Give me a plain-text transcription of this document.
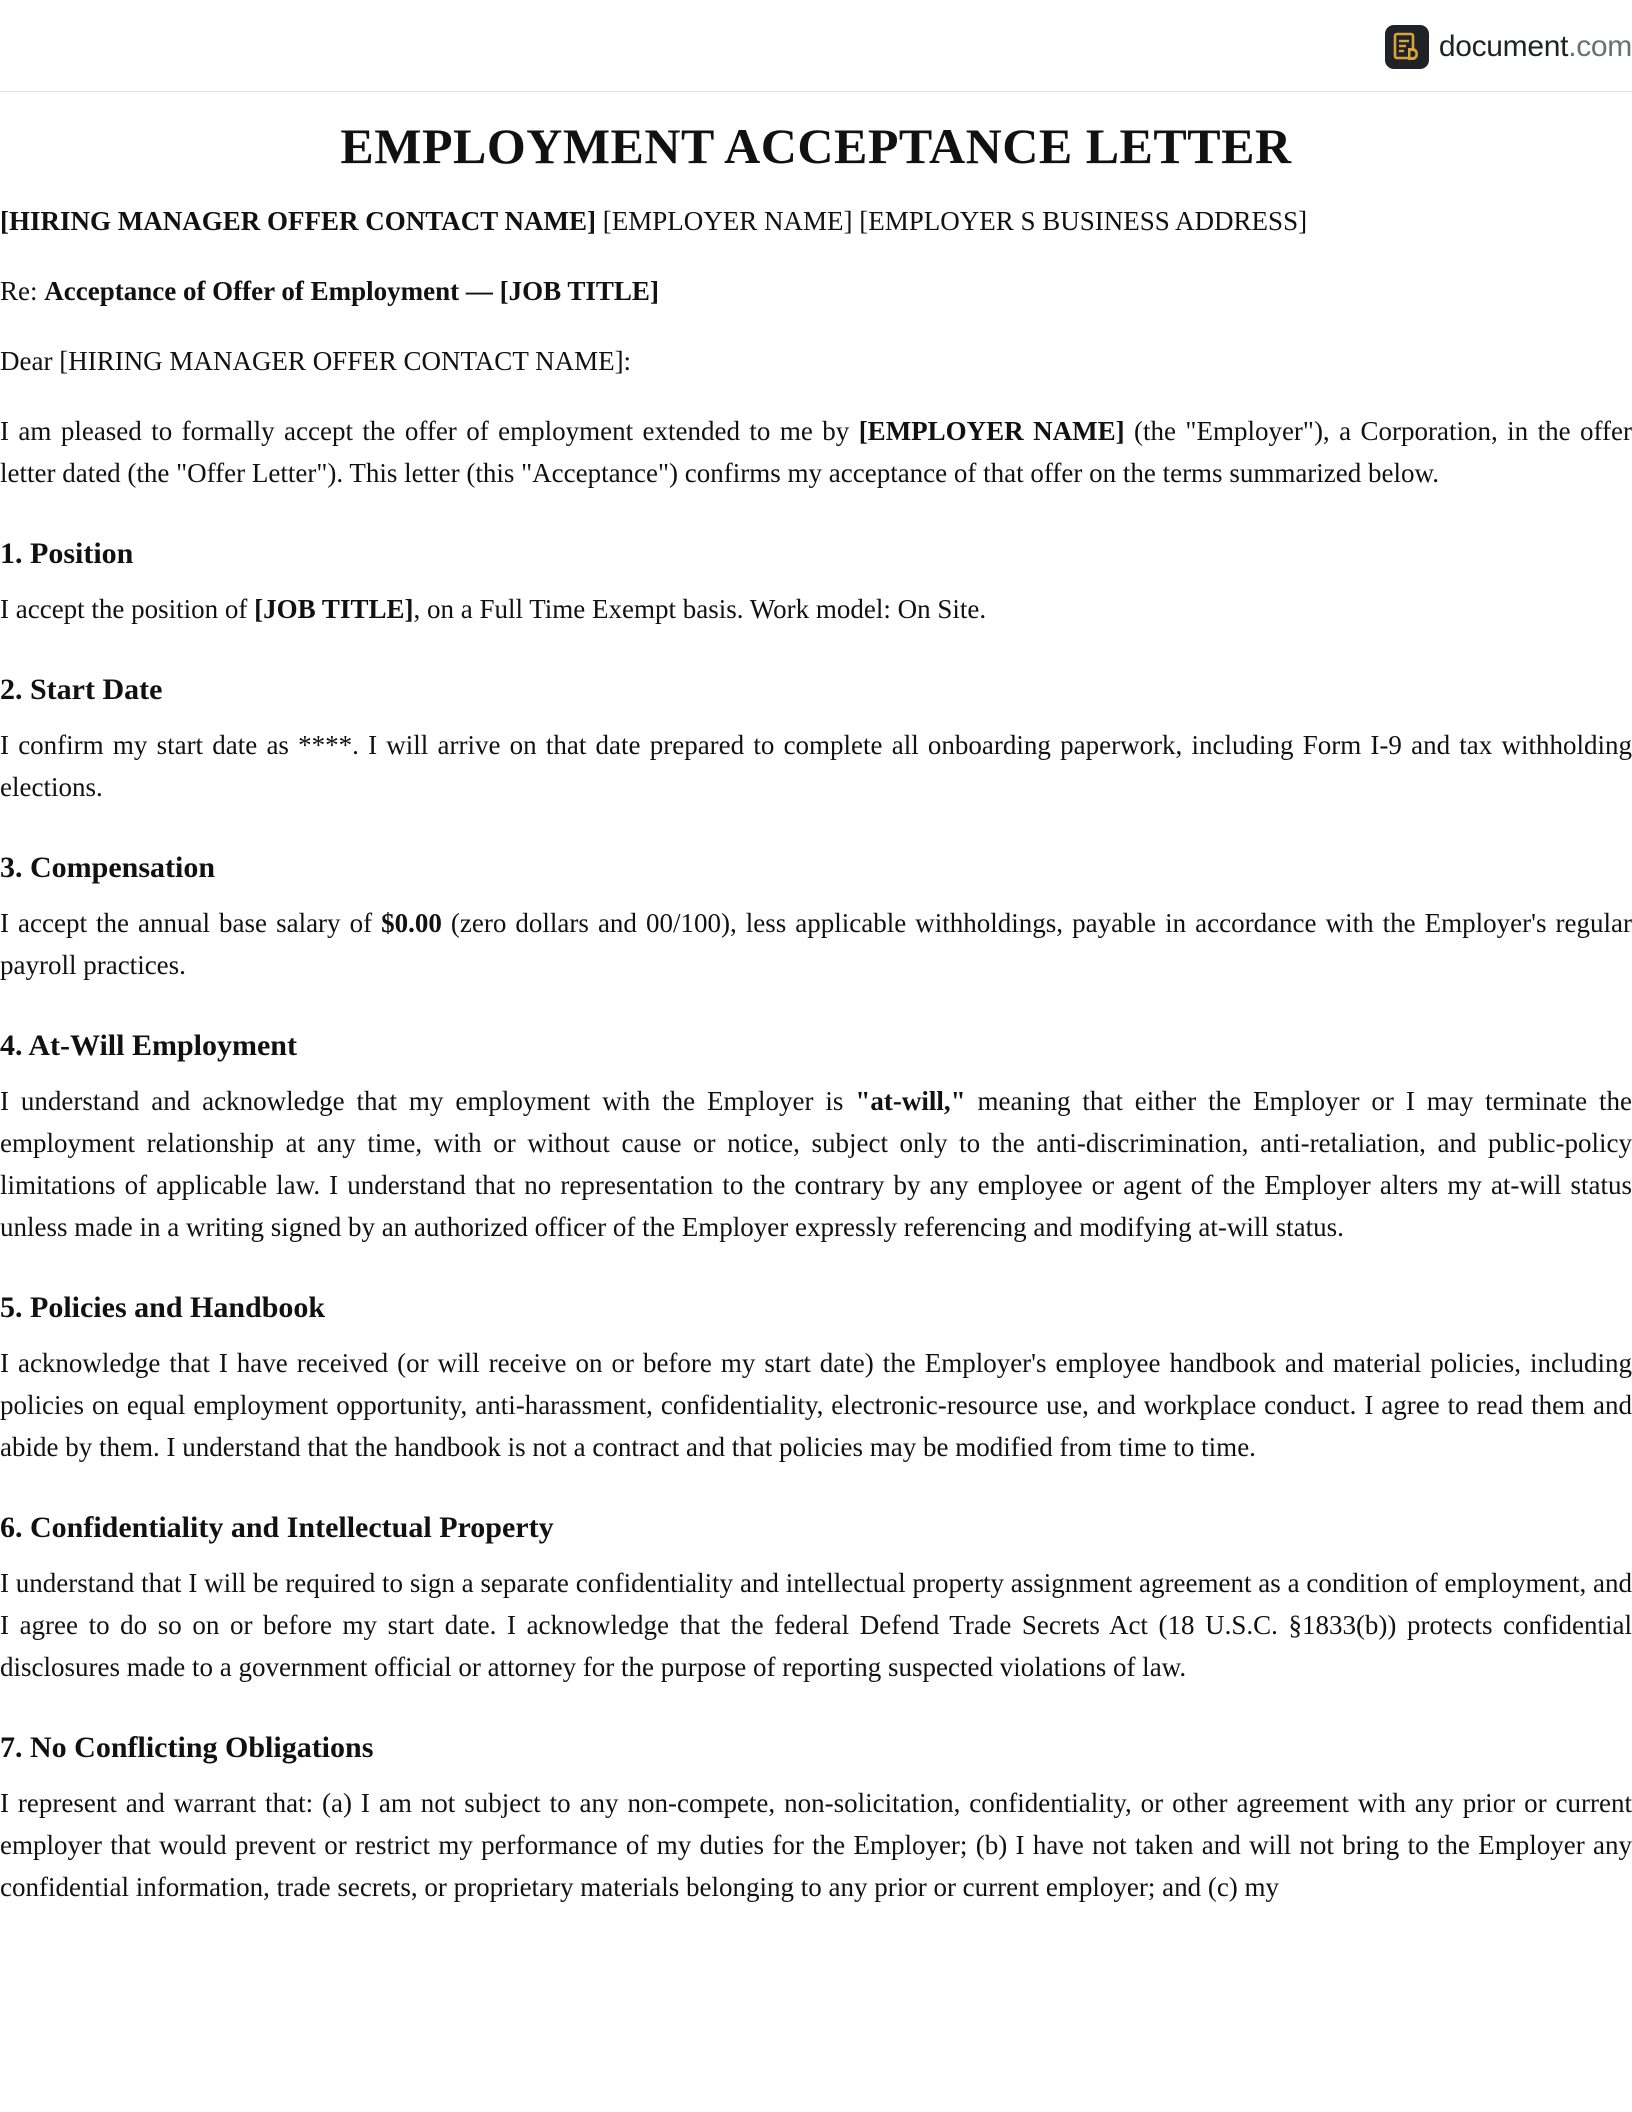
document.com
EMPLOYMENT ACCEPTANCE LETTER

[HIRING MANAGER OFFER CONTACT NAME] [EMPLOYER NAME] [EMPLOYER S BUSINESS ADDRESS]

Re: Acceptance of Offer of Employment — [JOB TITLE]

Dear [HIRING MANAGER OFFER CONTACT NAME]:

I am pleased to formally accept the offer of employment extended to me by [EMPLOYER NAME] (the "Employer"), a Corporation, in the offer letter dated (the "Offer Letter"). This letter (this "Acceptance") confirms my acceptance of that offer on the terms summarized below.

1. Position

I accept the position of [JOB TITLE], on a Full Time Exempt basis. Work model: On Site.

2. Start Date

I confirm my start date as ****. I will arrive on that date prepared to complete all onboarding paperwork, including Form I-9 and tax withholding elections.

3. Compensation

I accept the annual base salary of $0.00 (zero dollars and 00/100), less applicable withholdings, payable in accordance with the Employer's regular payroll practices.

4. At-Will Employment

I understand and acknowledge that my employment with the Employer is "at-will," meaning that either the Employer or I may terminate the employment relationship at any time, with or without cause or notice, subject only to the anti-discrimination, anti-retaliation, and public-policy limitations of applicable law. I understand that no representation to the contrary by any employee or agent of the Employer alters my at-will status unless made in a writing signed by an authorized officer of the Employer expressly referencing and modifying at-will status.

5. Policies and Handbook

I acknowledge that I have received (or will receive on or before my start date) the Employer's employee handbook and material policies, including policies on equal employment opportunity, anti-harassment, confidentiality, electronic-resource use, and workplace conduct. I agree to read them and abide by them. I understand that the handbook is not a contract and that policies may be modified from time to time.

6. Confidentiality and Intellectual Property

I understand that I will be required to sign a separate confidentiality and intellectual property assignment agreement as a condition of employment, and I agree to do so on or before my start date. I acknowledge that the federal Defend Trade Secrets Act (18 U.S.C. §1833(b)) protects confidential disclosures made to a government official or attorney for the purpose of reporting suspected violations of law.

7. No Conflicting Obligations

I represent and warrant that: (a) I am not subject to any non-compete, non-solicitation, confidentiality, or other agreement with any prior or current employer that would prevent or restrict my performance of my duties for the Employer; (b) I have not taken and will not bring to the Employer any confidential information, trade secrets, or proprietary materials belonging to any prior or current employer; and (c) my
